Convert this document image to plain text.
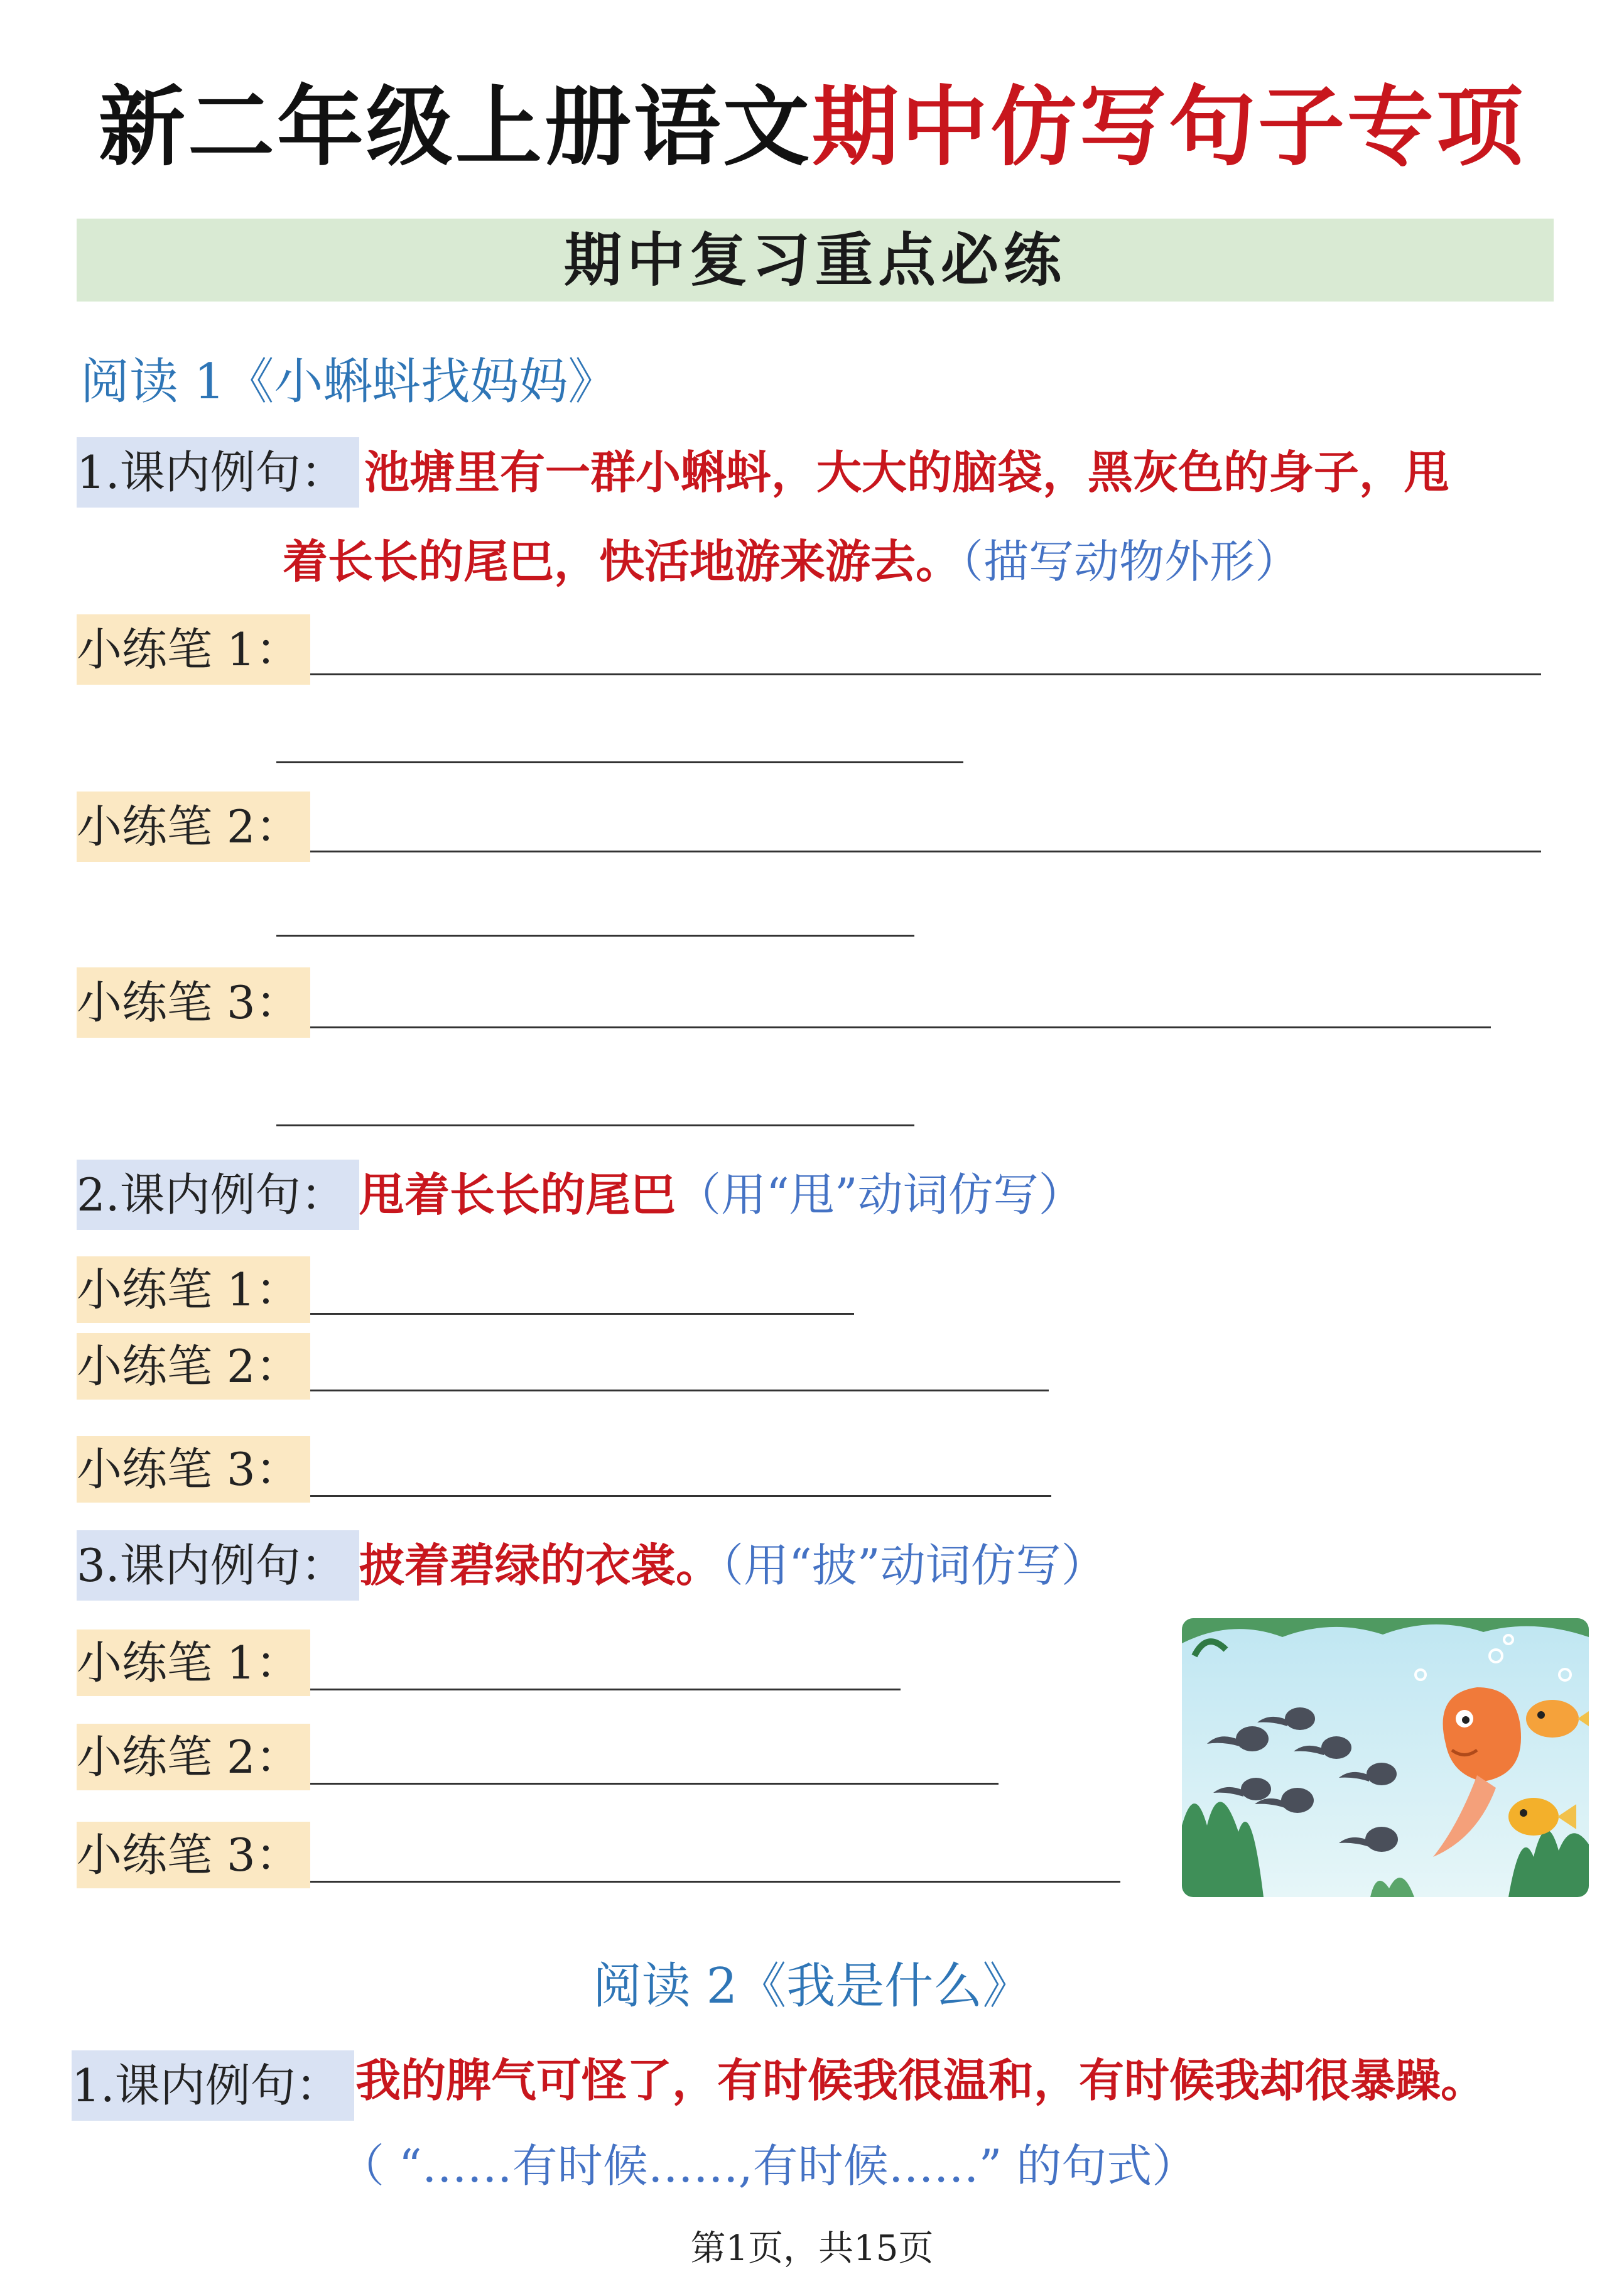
新二年级上册语文期中仿写句子专项
期中复习重点必练
阅读 1《小蝌蚪找妈妈》
1.课内例句： 池塘里有一群小蝌蚪，大大的脑袋，黑灰色的身子，甩
着长长的尾巴，快活地游来游去。（描写动物外形）
小练笔 1：
小练笔 2：
小练笔 3：
2.课内例句： 甩着长长的尾巴（用“甩”动词仿写）
小练笔 1：
小练笔 2：
小练笔 3：
3.课内例句： 披着碧绿的衣裳。（用“披”动词仿写）
小练笔 1：
小练笔 2：
小练笔 3：
阅读 2《我是什么》
1.课内例句： 我的脾气可怪了，有时候我很温和，有时候我却很暴躁。
（ “……有时候……,有时候……” 的句式）
第1页，共15页
